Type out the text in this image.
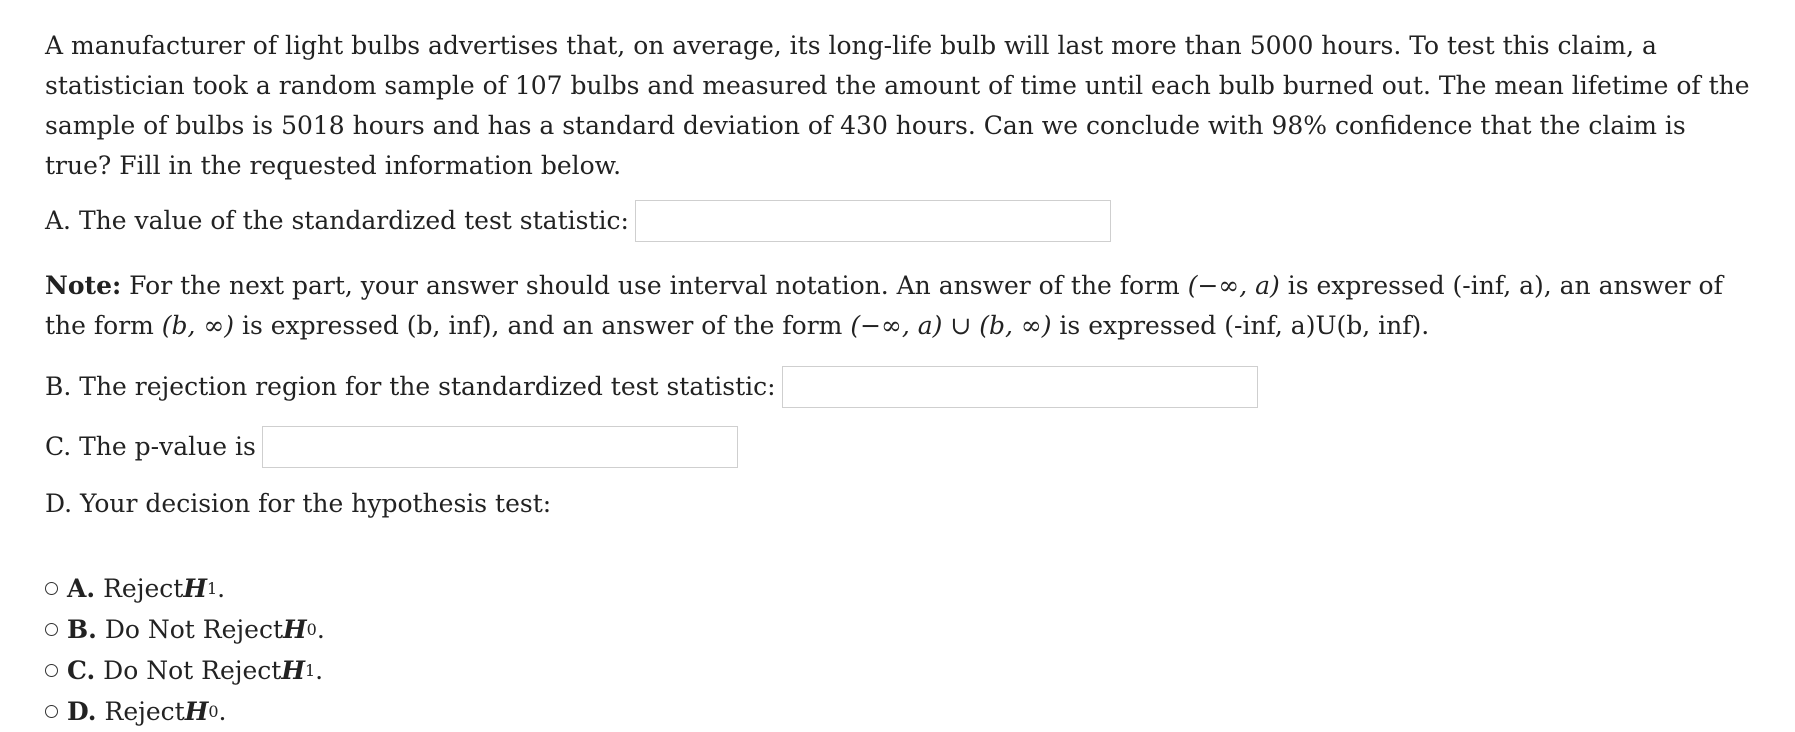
A manufacturer of light bulbs advertises that, on average, its long-life bulb will last more than 5000 hours. To test this claim, a statistician took a random sample of 107 bulbs and measured the amount of time until each bulb burned out. The mean lifetime of the sample of bulbs is 5018 hours and has a standard deviation of 430 hours. Can we conclude with 98% confidence that the claim is true? Fill in the requested information below.

A. The value of the standardized test statistic:

Note: For the next part, your answer should use interval notation. An answer of the form (−∞, a) is expressed (-inf, a), an answer of the form (b, ∞) is expressed (b, inf), and an answer of the form (−∞, a) ∪ (b, ∞) is expressed (-inf, a)U(b, inf).

B. The rejection region for the standardized test statistic:
C. The p-value is
D. Your decision for the hypothesis test:
A. Reject H 1 .
B. Do Not Reject H 0 .
C. Do Not Reject H 1 .
D. Reject H 0 .
